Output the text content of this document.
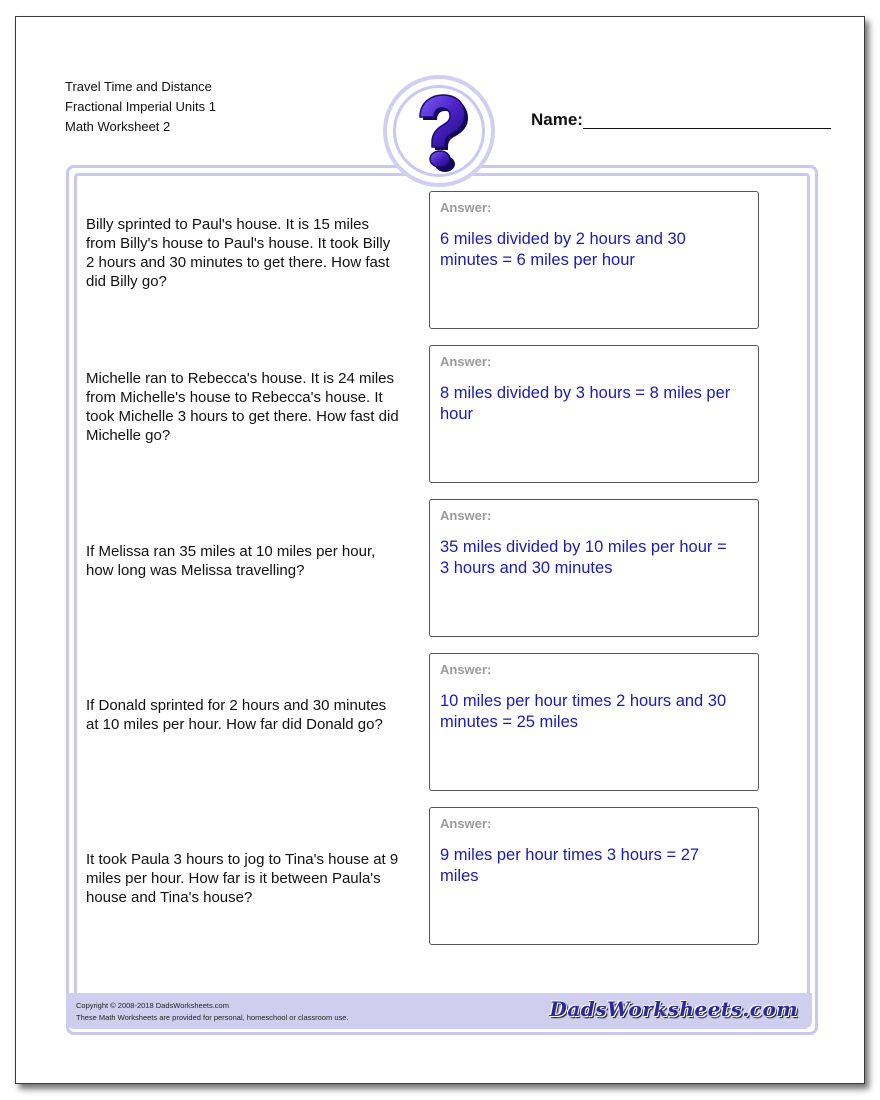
Travel Time and Distance
Fractional Imperial Units 1
Math Worksheet 2	Name:
Billy sprinted to Paul's house. It is 15 miles from Billy's house to Paul's house. It took Billy 2 hours and 30 minutes to get there. How fast did Billy go?
Answer:
6 miles divided by 2 hours and 30 minutes = 6 miles per hour
Michelle ran to Rebecca's house. It is 24 miles from Michelle's house to Rebecca's house. It took Michelle 3 hours to get there. How fast did Michelle go?
Answer:
8 miles divided by 3 hours = 8 miles per hour
If Melissa ran 35 miles at 10 miles per hour, how long was Melissa travelling?
Answer:
35 miles divided by 10 miles per hour = 3 hours and 30 minutes
If Donald sprinted for 2 hours and 30 minutes at 10 miles per hour. How far did Donald go?
Answer:
10 miles per hour times 2 hours and 30 minutes = 25 miles
It took Paula 3 hours to jog to Tina's house at 9 miles per hour. How far is it between Paula's house and Tina's house?
Answer:
9 miles per hour times 3 hours = 27 miles
Copyright © 2008-2018 DadsWorksheets.com
These Math Worksheets are provided for personal, homeschool or classroom use.	DadsWorksheets.com
